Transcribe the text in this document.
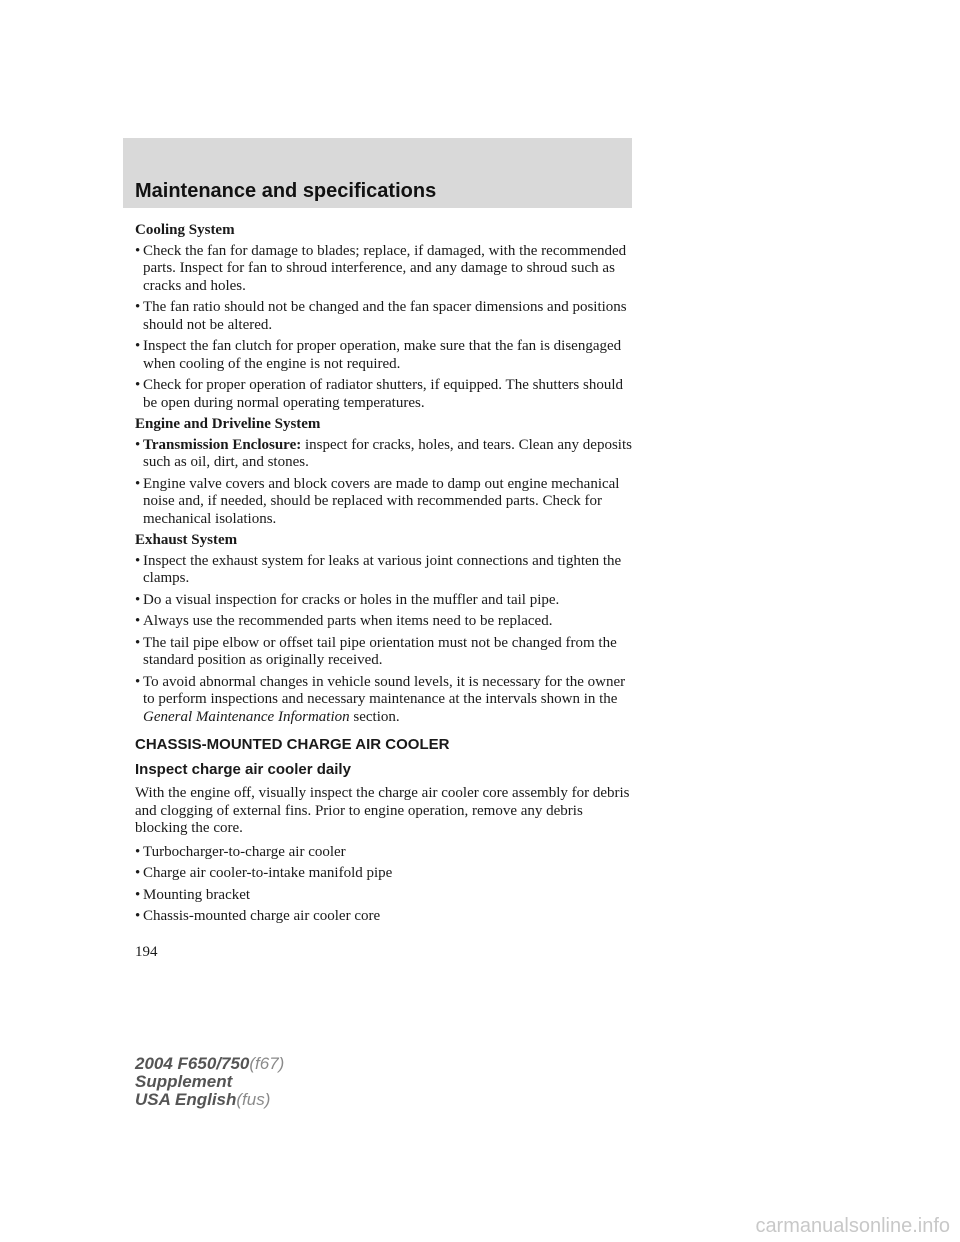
Maintenance and specifications
Cooling System
• Check the fan for damage to blades; replace, if damaged, with the recommended parts. Inspect for fan to shroud interference, and any damage to shroud such as cracks and holes.
• The fan ratio should not be changed and the fan spacer dimensions and positions should not be altered.
• Inspect the fan clutch for proper operation, make sure that the fan is disengaged when cooling of the engine is not required.
• Check for proper operation of radiator shutters, if equipped. The shutters should be open during normal operating temperatures.
Engine and Driveline System
• Transmission Enclosure: inspect for cracks, holes, and tears. Clean any deposits such as oil, dirt, and stones.
• Engine valve covers and block covers are made to damp out engine mechanical noise and, if needed, should be replaced with recommended parts. Check for mechanical isolations.
Exhaust System
• Inspect the exhaust system for leaks at various joint connections and tighten the clamps.
• Do a visual inspection for cracks or holes in the muffler and tail pipe.
• Always use the recommended parts when items need to be replaced.
• The tail pipe elbow or offset tail pipe orientation must not be changed from the standard position as originally received.
• To avoid abnormal changes in vehicle sound levels, it is necessary for the owner to perform inspections and necessary maintenance at the intervals shown in the General Maintenance Information section.
CHASSIS-MOUNTED CHARGE AIR COOLER
Inspect charge air cooler daily
With the engine off, visually inspect the charge air cooler core assembly for debris and clogging of external fins. Prior to engine operation, remove any debris blocking the core.
• Turbocharger-to-charge air cooler
• Charge air cooler-to-intake manifold pipe
• Mounting bracket
• Chassis-mounted charge air cooler core
194
2004 F650/750(f67)
Supplement
USA English(fus)
carmanualsonline.info
